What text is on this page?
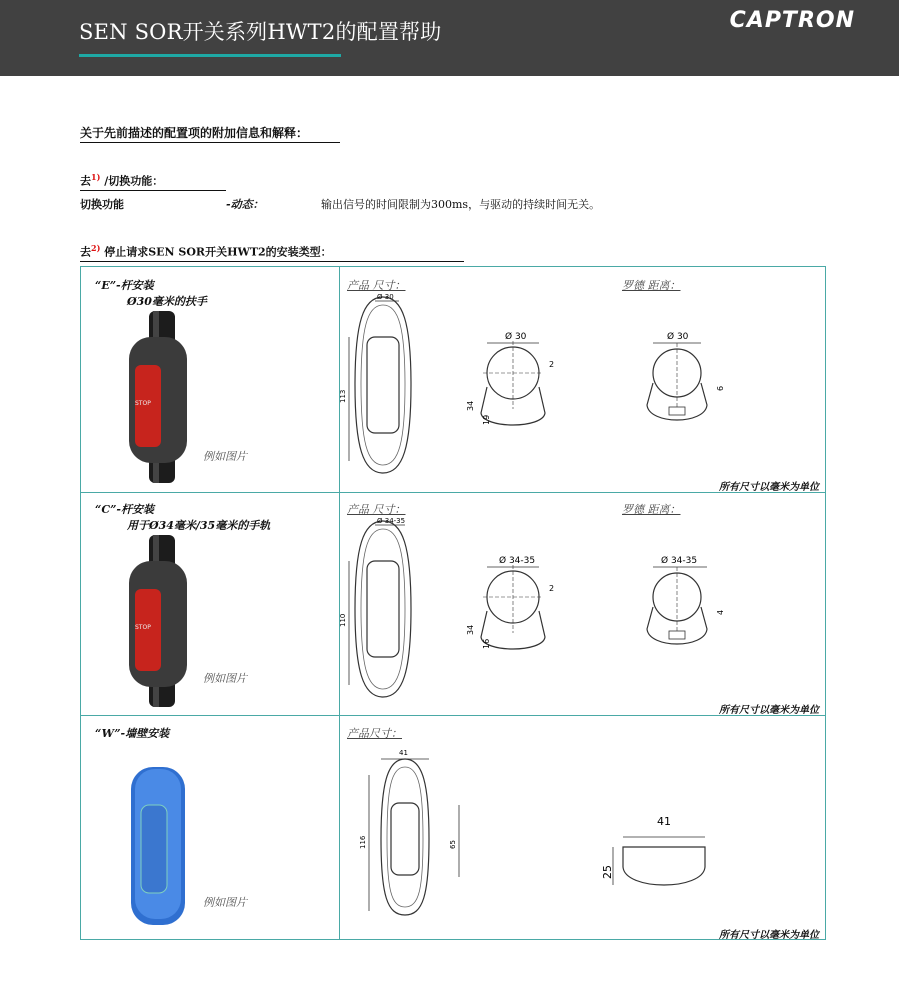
SEN SOR开关系列HWT2的配置帮助	CAPTRON
关于先前描述的配置项的附加信息和解释：
去$^{1)}$ /切换功能：
切换功能	-动态：	输出信号的时间限制为300ms，与驱动的持续时间无关。
去$^{2)}$ 停止请求SEN SOR开关HWT2的安装类型：
“E”-杆安装
Ø30毫米的扶手
STOP
例如图片
产品 尺寸：	罗德 距离：
所有尺寸以毫米为单位
Ø 30
113
Ø 30
2
34
19
Ø 30
6
“C”-杆安装
用于Ø34毫米/35毫米的手轨
STOP
例如图片
产品 尺寸：	罗德 距离：
所有尺寸以毫米为单位
Ø 34-35
110
Ø 34-35
2
34
16
Ø 34-35
4
“W”-墙壁安装
例如图片
产品尺寸：
所有尺寸以毫米为单位
41
116	65
41
25
